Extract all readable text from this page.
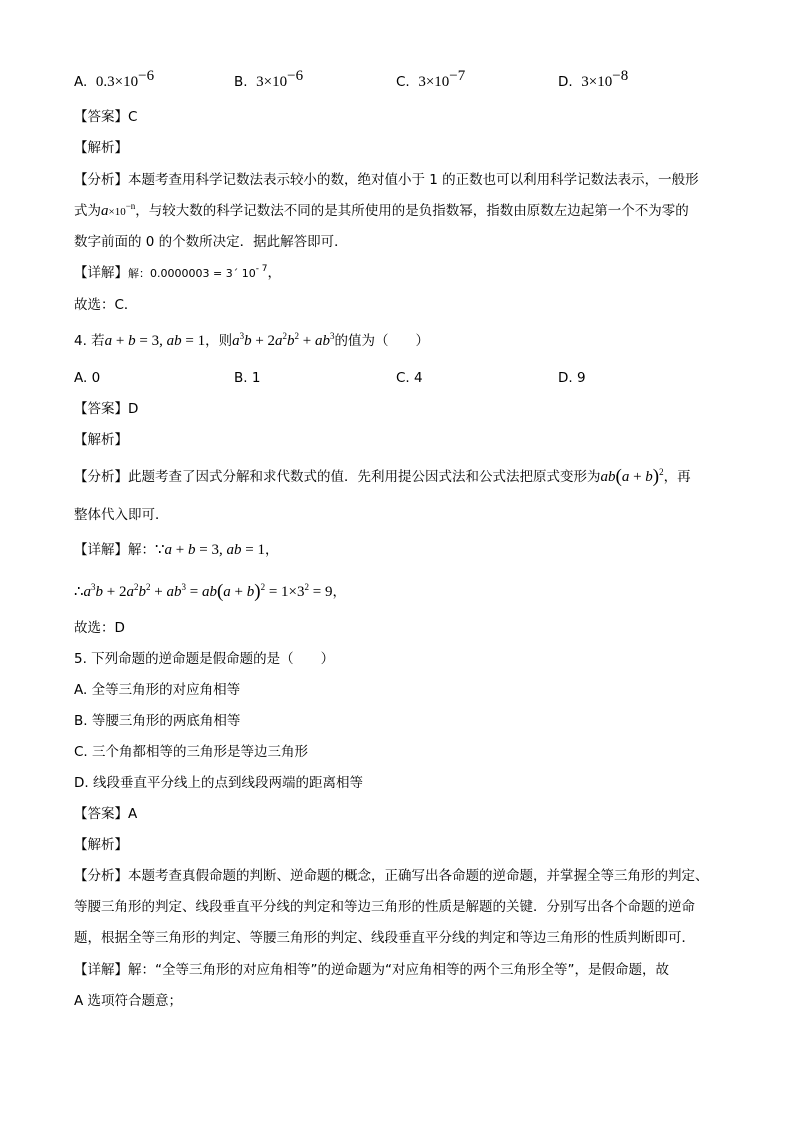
A. $0.3\times 10^{-6}$	B. $3\times 10^{-6}$	C. $3\times 10^{-7}$	D. $3\times 10^{-8}$
【答案】C
【解析】
【分析】本题考查用科学记数法表示较小的数，绝对值小于 1 的正数也可以利用科学记数法表示，一般形
式为$a\times 10^{-n}$，与较大数的科学记数法不同的是其所使用的是负指数幂，指数由原数左边起第一个不为零的
数字前面的 0 的个数所决定．据此解答即可．
【详解】解：0.0000003 = 3´ $10^{- 7}$，
故选：C．
4. 若a + b = 3, ab = 1，则$a^3b + 2a^2b^2 + ab^3$的值为（　　）
A. 0	B. 1	C. 4	D. 9
【答案】D
【解析】
【分析】此题考查了因式分解和求代数式的值．先利用提公因式法和公式法把原式变形为$ab(a + b)^2$，再
整体代入即可．
【详解】解：∵a + b = 3, ab = 1，
$\therefore a^3b + 2a^2b^2 + ab^3 = ab(a + b)^2 = 1\times 3^2 = 9$，
故选：D
5. 下列命题的逆命题是假命题的是（　　）
A. 全等三角形的对应角相等
B. 等腰三角形的两底角相等
C. 三个角都相等的三角形是等边三角形
D. 线段垂直平分线上的点到线段两端的距离相等
【答案】A
【解析】
【分析】本题考查真假命题的判断、逆命题的概念，正确写出各命题的逆命题，并掌握全等三角形的判定、
等腰三角形的判定、线段垂直平分线的判定和等边三角形的性质是解题的关键．分别写出各个命题的逆命
题，根据全等三角形的判定、等腰三角形的判定、线段垂直平分线的判定和等边三角形的性质判断即可．
【详解】解：“全等三角形的对应角相等”的逆命题为“对应角相等的两个三角形全等”，是假命题，故
A 选项符合题意；
